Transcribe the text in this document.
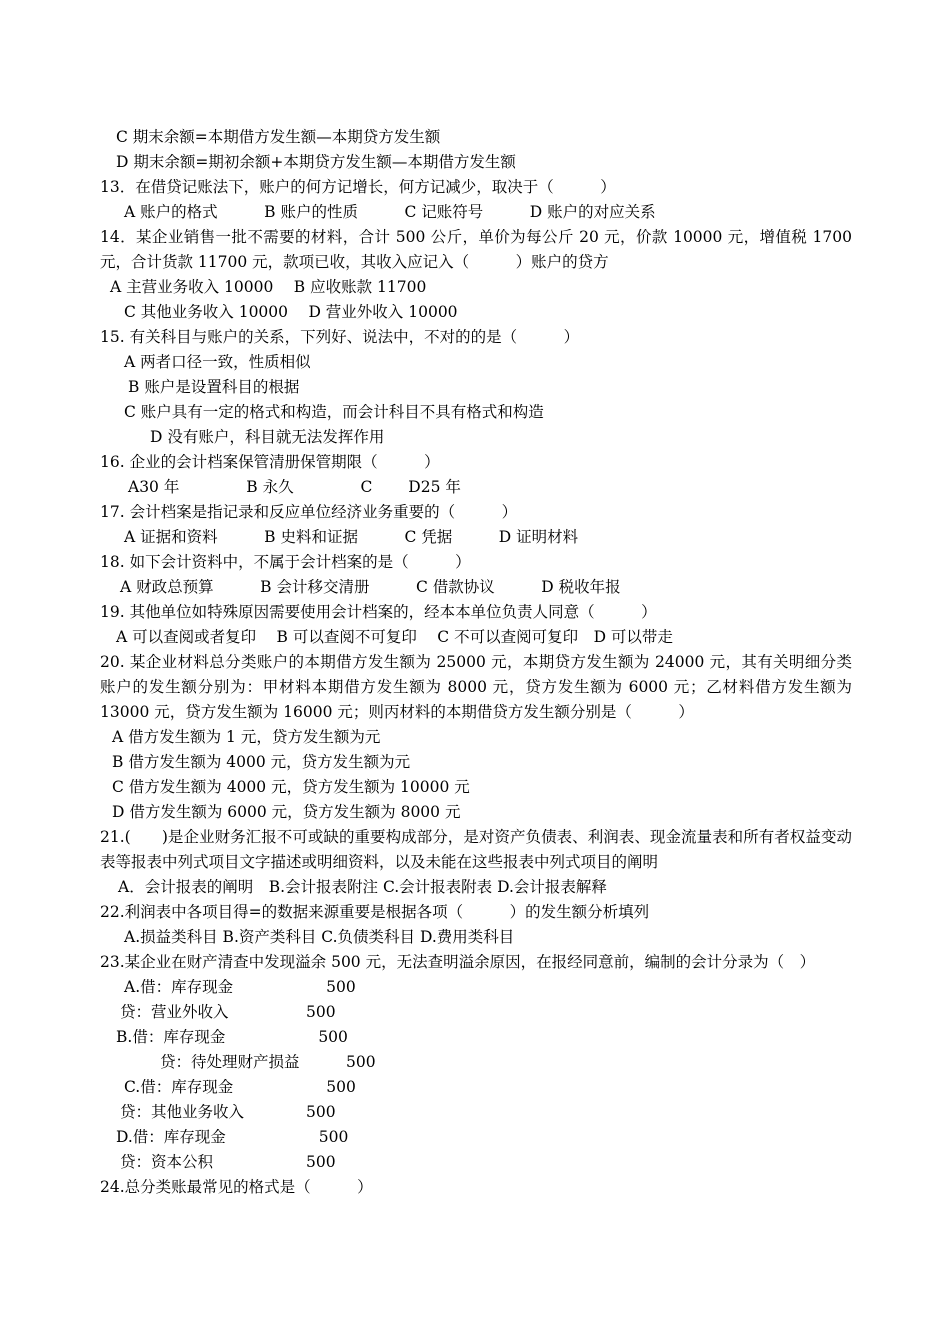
C 期末余额=本期借方发生额—本期贷方发生额
D 期末余额=期初余额+本期贷方发生额—本期借方发生额
13．在借贷记账法下，账户的何方记增长，何方记减少，取决于（　　　）
A 账户的格式　　　B 账户的性质　　　C 记账符号　　　D 账户的对应关系
14．某企业销售一批不需要的材料，合计 500 公斤，单价为每公斤 20 元，价款 10000 元，增值税 1700 元，合计货款 11700 元，款项已收，其收入应记入（　　　）账户的贷方
A 主营业务收入 10000　 B 应收账款 11700
C 其他业务收入 10000　 D 营业外收入 10000
15. 有关科目与账户的关系，下列好、说法中，不对的的是（　　　）
A 两者口径一致，性质相似
B 账户是设置科目的根据
C 账户具有一定的格式和构造，而会计科目不具有格式和构造
D 没有账户，科目就无法发挥作用
16. 企业的会计档案保管清册保管期限（　　　）
A30 年　　　　 B 永久　　　　 C　　 D25 年
17. 会计档案是指记录和反应单位经济业务重要的（　　　）
A 证据和资料　　　B 史料和证据　　　C 凭据　　　D 证明材料
18. 如下会计资料中，不属于会计档案的是（　　　）
A 财政总预算　　　B 会计移交清册　　　C 借款协议　　　D 税收年报
19. 其他单位如特殊原因需要使用会计档案的，经本本单位负责人同意（　　　）
A 可以查阅或者复印　 B 可以查阅不可复印　 C 不可以查阅可复印　D 可以带走
20. 某企业材料总分类账户的本期借方发生额为 25000 元，本期贷方发生额为 24000 元，其有关明细分类账户的发生额分别为：甲材料本期借方发生额为 8000 元，贷方发生额为 6000 元；乙材料借方发生额为 13000 元，贷方发生额为 16000 元；则丙材料的本期借贷方发生额分别是（　　　）
A 借方发生额为 1 元，贷方发生额为元
B 借方发生额为 4000 元，贷方发生额为元
C 借方发生额为 4000 元，贷方发生额为 10000 元
D 借方发生额为 6000 元，贷方发生额为 8000 元
21.(　　)是企业财务汇报不可或缺的重要构成部分，是对资产负债表、利润表、现金流量表和所有者权益变动表等报表中列式项目文字描述或明细资料，以及未能在这些报表中列式项目的阐明
A．会计报表的阐明　B.会计报表附注 C.会计报表附表 D.会计报表解释
22.利润表中各项目得=的数据来源重要是根据各项（　　　）的发生额分析填列
A.损益类科目 B.资产类科目 C.负债类科目 D.费用类科目
23.某企业在财产清查中发现溢余 500 元，无法查明溢余原因，在报经同意前，编制的会计分录为（　）
A.借：库存现金　　　　　　500
贷：营业外收入　　　　　500
B.借：库存现金　　　　　　500
贷：待处理财产损益　　　500
C.借：库存现金　　　　　　500
贷：其他业务收入　　　　500
D.借：库存现金　　　　　　500
贷：资本公积　　　　　　500
24.总分类账最常见的格式是（　　　）
